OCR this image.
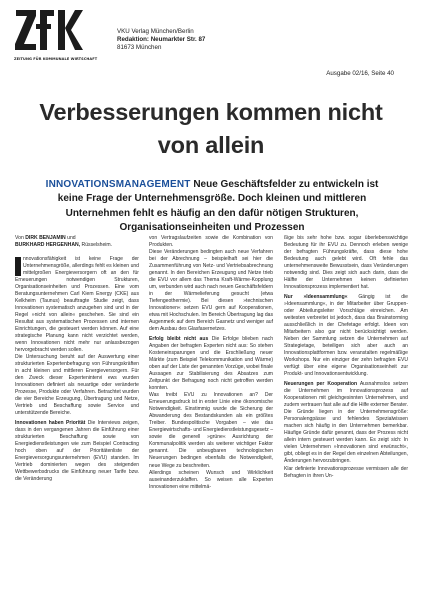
ZEITUNG FÜR KOMMUNALE WIRTSCHAFT
VKU Verlag München/Berlin
Redaktion: Neumarkter Str. 87
81673 München
Ausgabe 02/16, Seite 40
Verbesserungen kommen nicht
von allein
INNOVATIONSMANAGEMENT Neue Geschäftsfelder zu entwickeln ist keine Frage der Unternehmensgröße. Doch kleinen und mittleren Unternehmen fehlt es häufig an den dafür nötigen Strukturen, Organisationseinheiten und Prozessen
Von DIRK BENJAMIN und
BURKHARD HERGENHAN, Rüsselsheim.

nnovationsfähigkeit ist keine Frage der Unternehmensgröße, allerdings fehlt es kleinen und mittelgroßen Energieversorgern oft an den für Erneuerungen notwendigen Strukturen, Organisationseinheiten und Prozessen. Eine vom Beratungsunternehmen Carl Kiem Energy (CKE) aus Kelkheim (Taunus) beauftragte Studie zeigt, dass Innovationen systematisch anzugehen sind und in der Regel »nicht von allein« geschehen. Sie sind ein Resultat aus systematischen Prozessen und internen Einrichtungen, die gesteuert werden können. Auf eine strategische Planung kann nicht verzichtet werden, wenn Innovationen nicht mehr nur anlassbezogen hervorgebracht werden sollen.

Die Untersuchung beruht auf der Auswertung einer strukturierten Expertenbefragung von Führungskräften in acht kleinen und mittleren Energieversorgern. Für den Zweck dieser Expertenintervi ews wurden Innovationen definiert als neuartige oder veränderte Prozesse, Produkte oder Verfahren. Betrachtet wurden die vier Bereiche Erzeugung, Übertragung und Netze, Vertrieb und Beschaffung sowie Service und unterstützende Bereiche.

Innovationen haben Priorität Die Interviews zeigen, dass in den vergangenen Jahren die Einführung einer strukturierten Beschaffung sowie von Energiedienstleistungen wie zum Beispiel Contracting hoch oben auf der Prioritätenliste der Energieversorgungsunternehmen (EVU) standen. Im Vertrieb dominierten wegen des steigenden Wettbewerbsdrucks die Einführung neuer Tarife bzw. die Veränderung

von Vertragslaufzeiten sowie die Kombination von Produkten.

Diese Veränderungen bedingten auch neue Verfahren bei der Abrechnung – beispielhaft sei hier die Zusammenführung von Netz- und Vertriebsabrechnung genannt. In den Bereichen Erzeugung und Netze trieb die EVU vor allem das Thema Kraft-Wärme-Kopplung um, verbunden wird auch nach neuen Geschäftsfeldern in der Wärmelieferung gesucht (etwa Tiefengeothermie). Bei diesen »technischen Innovationen« setzen EVU gern auf Kooperationen, etwa mit Hochschulen. Im Bereich Übertragung lag das Augenmerk auf dem Bereich Gasnetz und weniger auf dem Ausbau des Glasfasernetzes.

Erfolg bleibt nicht aus Die Erfolge blieben nach Angaben der befragten Experten nicht aus: So stehen Kosteneinsparungen und die Erschließung neuer Märkte (zum Beispiel Telekommunikation und Wärme) oben auf der Liste der genannten Vorzüge, wobei finale Aussagen zur Stabilisierung des Absatzes zum Zeitpunkt der Befragung noch nicht getroffen werden konnten.

Was treibt EVU zu Innovationen an? Der Erneuerungsdruck ist in erster Linie eine ökonomische Notwendigkeit. Einstimmig wurde die Sicherung der Abwanderung des Bestandskunden als ein größtes Treiber. Bundespolitische Vorgaben – wie das Energiewirtschafts- und Energiedienstleistungsgesetz – sowie die generell »grüne« Ausrichtung der Kommunalpolitik werden als weiterer wichtiger Faktor genannt. Die unbeugbaren technologischen Neuerungen bedingen ebenfalls die Notwendigkeit, neue Wege zu beschreiten.

Allerdings scheinen Wunsch und Wirklichkeit auseinanderzuklaffen. So weisen alle Experten Innovationen eine mittelmä-

ßige bis sehr hohe bzw. sogar überlebenswichtige Bedeutung für ihr EVU zu. Dennoch erleben wenige der befragten Führungskräfte, dass diese hohe Bedeutung auch gelebt wird. Oft fehle das unternehmensweite Bewusstsein, dass Veränderungen notwendig sind. Dies zeigt sich auch darin, dass die Hälfte der Unternehmen keinen definierten Innovationsprozess implementiert hat.

Nur »Ideensammlung« Gängig ist die »Ideensammlung«, in der Mitarbeiter über Gruppen- oder Abteilungsleiter Vorschläge einreichen. Am weitesten verbreitet ist jedoch, dass das Brainstorming ausschließlich in der Chefetage erfolgt. Ideen von Mitarbeitern also gar nicht berücksichtigt werden. Neben der Sammlung setzen die Unternehmen auf Strategietage, beteiligen sich aber auch an Innovationsplattformen bzw. veranstalten regelmäßige Workshops. Nur ein einziger der zehn befragten EVU verfügt über eine eigene Organisationseinheit zur Produkt- und Innovationsentwicklung.

Neuerungen per Kooperation Ausnahmslos setzen die Unternehmen im Innovationsprozess auf Kooperationen mit gleichgesinnten Unternehmen, und zudem vertrauen fast alle auf die Hilfe externer Berater. Die Gründe liegen in der Unternehmensgröße: Personalengpässe und fehlendes Spezialwissen machen sich häufig in den Unternehmen bemerkbar. Häufige Gründe dafür genannt, dass der Prozess nicht allein intern gesteuert werden kann. Es zeigt sich: In vielen Unternehmen »Innovationen sind erwünscht«, gibt, obliegt es in der Regel den einzelnen Abteilungen, Änderungen hervorzubringen.

Klar definierte Innovationsprozesse vermissen alle der Befragten in ihren Un-
